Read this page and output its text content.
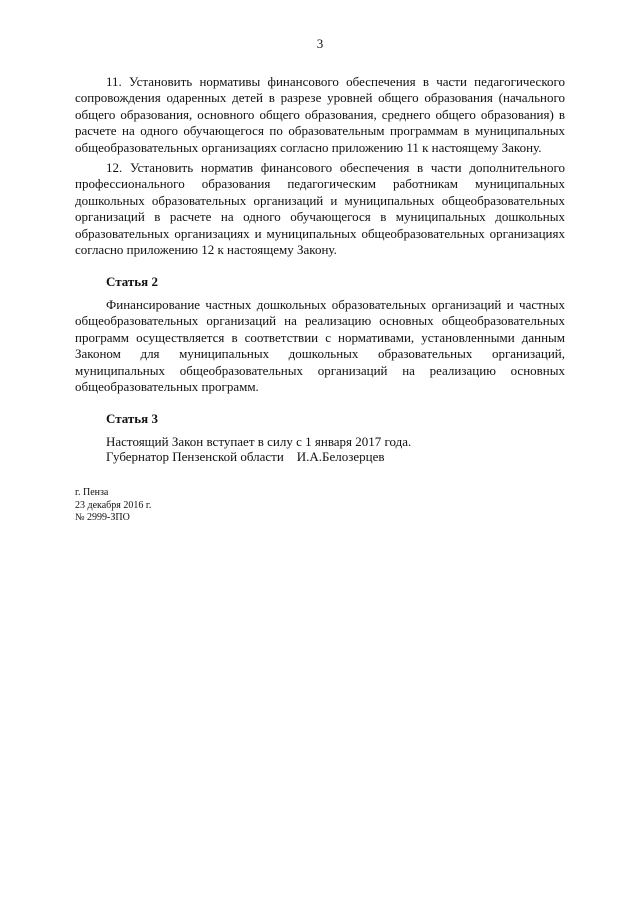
3

11. Установить нормативы финансового обеспечения в части педагогического сопровождения одаренных детей в разрезе уровней общего образования (начального общего образования, основного общего образования, среднего общего образования) в расчете на одного обучающегося по образовательным программам в муниципальных общеобразовательных организациях согласно приложению 11 к настоящему Закону.

12. Установить норматив финансового обеспечения в части дополнительного профессионального образования педагогическим работникам муниципальных дошкольных образовательных организаций и муниципальных общеобразовательных организаций в расчете на одного обучающегося в муниципальных дошкольных образовательных организациях и муниципальных общеобразовательных организациях согласно приложению 12 к настоящему Закону.

Статья 2

Финансирование частных дошкольных образовательных организаций и частных общеобразовательных организаций на реализацию основных общеобразовательных программ осуществляется в соответствии с нормативами, установленными данным Законом для муниципальных дошкольных образовательных организаций, муниципальных общеобразовательных организаций на реализацию основных общеобразовательных программ.

Статья 3

Настоящий Закон вступает в силу с 1 января 2017 года.

Губернатор Пензенской области И.А.Белозерцев
г. Пенза
23 декабря 2016 г.
№ 2999-ЗПО
